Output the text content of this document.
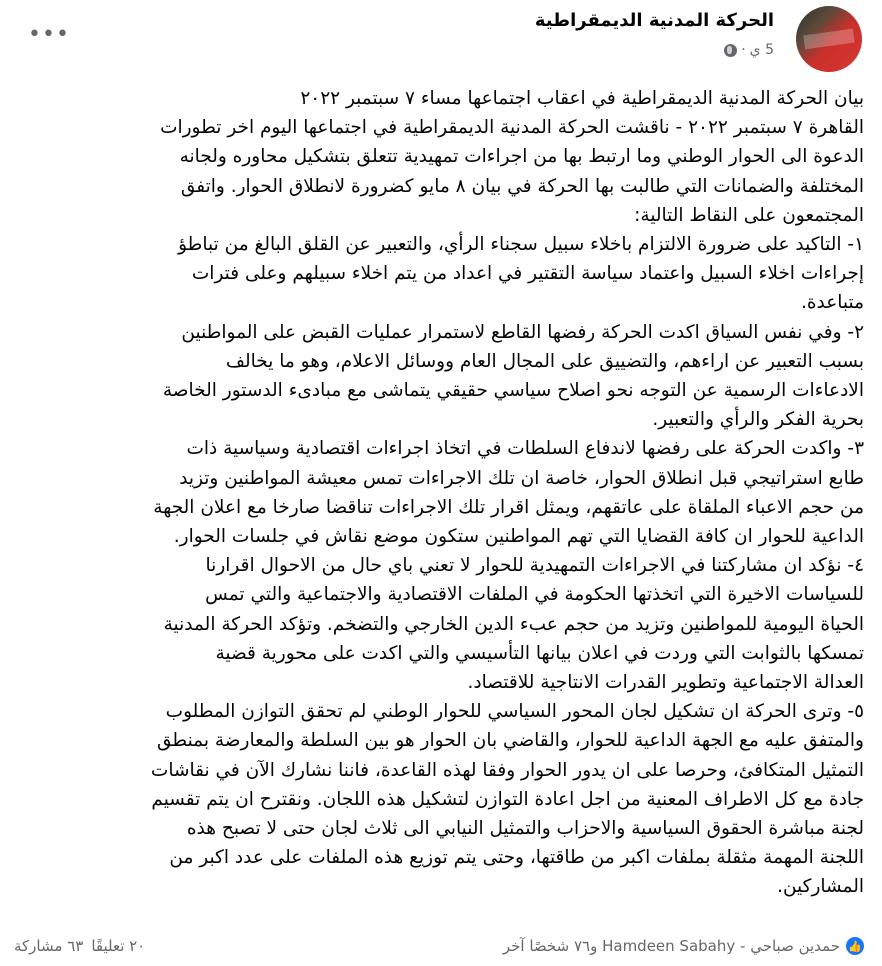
الحركة المدنية الديمقراطية
5 ي
·
•••
بيان الحركة المدنية الديمقراطية في اعقاب اجتماعها مساء ٧ سبتمبر ٢٠٢٢
القاهرة ٧ سبتمبر ٢٠٢٢ - ناقشت الحركة المدنية الديمقراطية في اجتماعها اليوم اخر تطورات
الدعوة الى الحوار الوطني وما ارتبط بها من اجراءات تمهيدية تتعلق بتشكيل محاوره ولجانه
المختلفة والضمانات التي طالبت بها الحركة في بيان ٨ مايو كضرورة لانطلاق الحوار. واتفق
المجتمعون على النقاط التالية:
١- التاكيد على ضرورة الالتزام باخلاء سبيل سجناء الرأي، والتعبير عن القلق البالغ من تباطؤ
إجراءات اخلاء السبيل واعتماد سياسة التقتير في اعداد من يتم اخلاء سبيلهم وعلى فترات
متباعدة.
٢- وفي نفس السياق اكدت الحركة رفضها القاطع لاستمرار عمليات القبض على المواطنين
بسبب التعبير عن اراءهم، والتضييق على المجال العام ووسائل الاعلام، وهو ما يخالف
الادعاءات الرسمية عن التوجه نحو اصلاح سياسي حقيقي يتماشى مع مبادىء الدستور الخاصة
بحرية الفكر والرأي والتعبير.
٣- واكدت الحركة على رفضها لاندفاع السلطات في اتخاذ اجراءات اقتصادية وسياسية ذات
طابع استراتيجي قبل انطلاق الحوار، خاصة ان تلك الاجراءات تمس معيشة المواطنين وتزيد
من حجم الاعباء الملقاة على عاتقهم، ويمثل اقرار تلك الاجراءات تناقضا صارخا مع اعلان الجهة
الداعية للحوار ان كافة القضايا التي تهم المواطنين ستكون موضع نقاش في جلسات الحوار.
٤- نؤكد ان مشاركتنا في الاجراءات التمهيدية للحوار لا تعني باي حال من الاحوال اقرارنا
للسياسات الاخيرة التي اتخذتها الحكومة في الملفات الاقتصادية والاجتماعية والتي تمس
الحياة اليومية للمواطنين وتزيد من حجم عبء الدين الخارجي والتضخم. وتؤكد الحركة المدنية
تمسكها بالثوابت التي وردت في اعلان بيانها التأسيسي والتي اكدت على محورية قضية
العدالة الاجتماعية وتطوير القدرات الانتاجية للاقتصاد.
٥- وترى الحركة ان تشكيل لجان المحور السياسي للحوار الوطني لم تحقق التوازن المطلوب
والمتفق عليه مع الجهة الداعية للحوار، والقاضي بان الحوار هو بين السلطة والمعارضة بمنطق
التمثيل المتكافئ، وحرصا على ان يدور الحوار وفقا لهذه القاعدة، فاننا نشارك الآن في نقاشات
جادة مع كل الاطراف المعنية من اجل اعادة التوازن لتشكيل هذه اللجان. ونقترح ان يتم تقسيم
لجنة مباشرة الحقوق السياسية والاحزاب والتمثيل النيابي الى ثلاث لجان حتى لا تصبح هذه
اللجنة المهمة مثقلة بملفات اكبر من طاقتها، وحتى يتم توزيع هذه الملفات على عدد اكبر من
المشاركين.
👍
حمدين صباحي - Hamdeen Sabahy و٧٦ شخصًا آخر
٢٠ تعليقًا
٦٣ مشاركة
